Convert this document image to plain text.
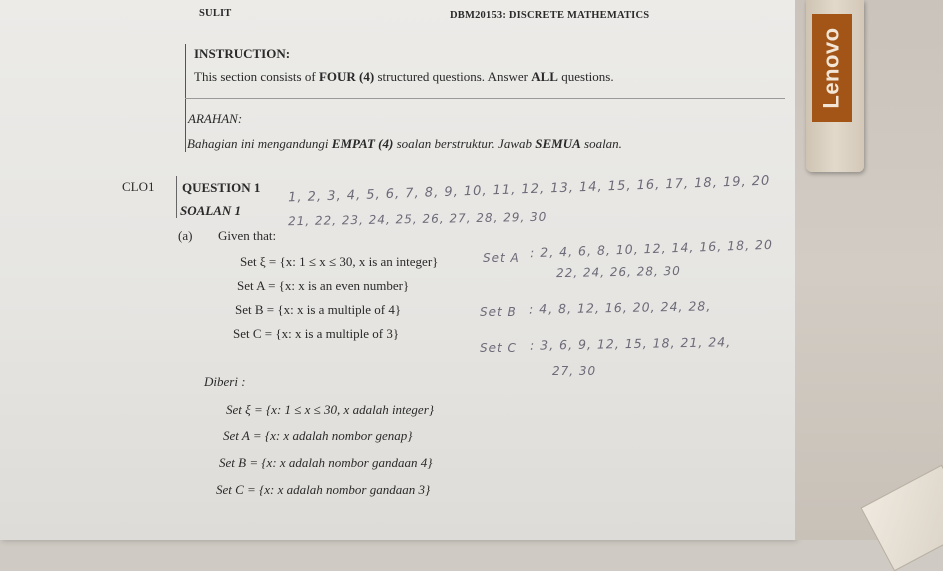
SULIT	DBM20153: DISCRETE MATHEMATICS
INSTRUCTION:
This section consists of FOUR (4) structured questions. Answer ALL questions.
ARAHAN:
Bahagian ini mengandungi EMPAT (4) soalan berstruktur. Jawab SEMUA soalan.
CLO1 QUESTION 1
SOALAN 1
(a) Given that:
Set ξ = {x: 1 ≤ x ≤ 30, x is an integer}
Set A = {x: x is an even number}
Set B = {x: x is a multiple of 4}
Set C = {x: x is a multiple of 3}
Diberi :
Set ξ = {x: 1 ≤ x ≤ 30, x adalah integer}
Set A = {x: x adalah nombor genap}
Set B = {x: x adalah nombor gandaan 4}
Set C = {x: x adalah nombor gandaan 3}
1, 2, 3, 4, 5, 6, 7, 8, 9, 10, 11, 12, 13, 14, 15, 16, 17, 18, 19, 20
21, 22, 23, 24, 25, 26, 27, 28, 29, 30
Set A : 2, 4, 6, 8, 10, 12, 14, 16, 18, 20
22, 24, 26, 28, 30
Set B : 4, 8, 12, 16, 20, 24, 28,
Set C : 3, 6, 9, 12, 15, 18, 21, 24,
27, 30
Lenovo
